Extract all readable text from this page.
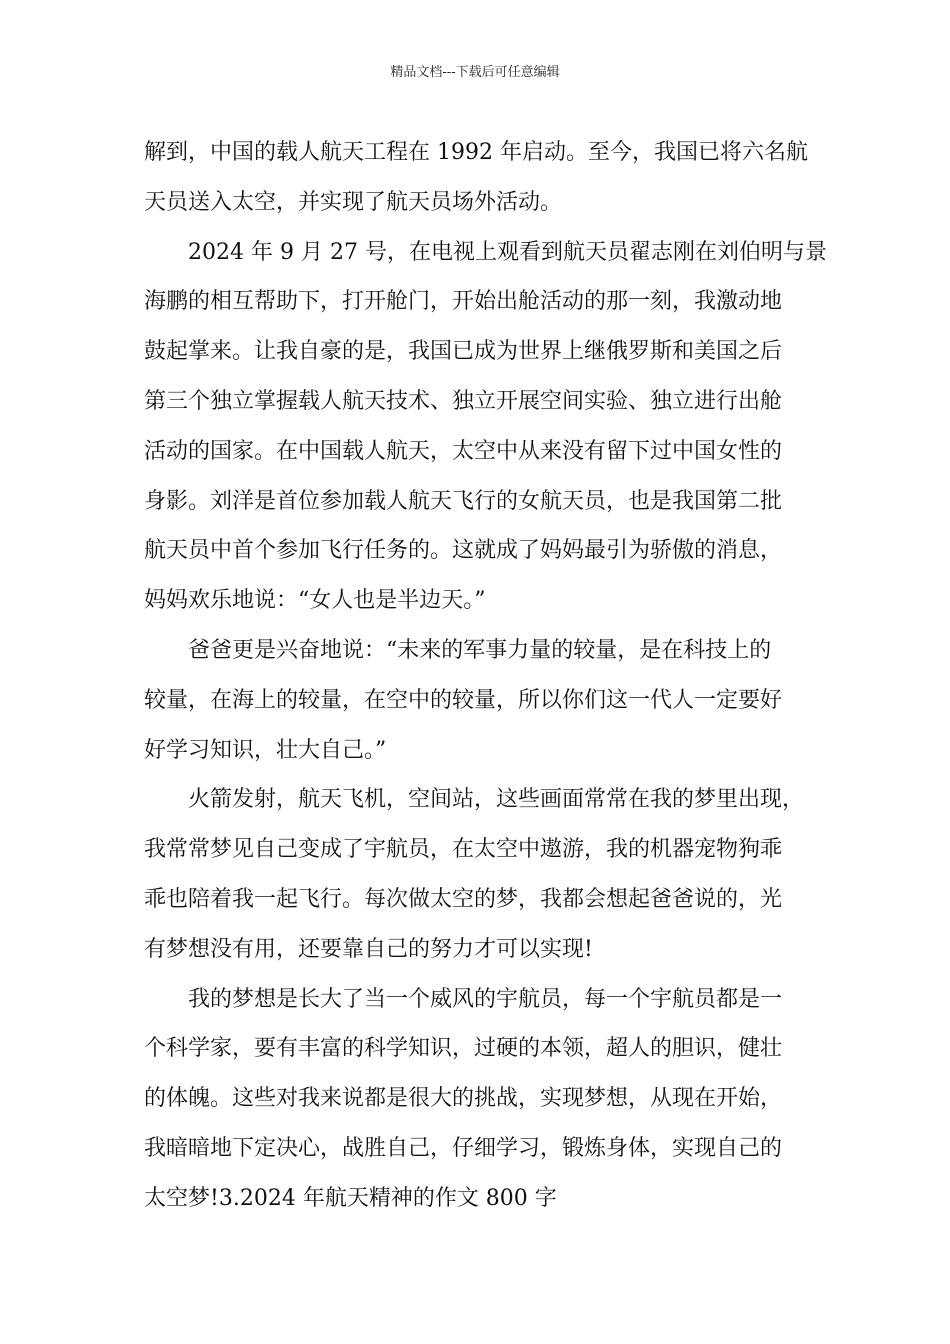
精品文档---下载后可任意编辑
解到，中国的载人航天工程在 1992 年启动。至今，我国已将六名航
天员送入太空，并实现了航天员场外活动。
2024 年 9 月 27 号，在电视上观看到航天员翟志刚在刘伯明与景
海鹏的相互帮助下，打开舱门，开始出舱活动的那一刻，我激动地
鼓起掌来。让我自豪的是，我国已成为世界上继俄罗斯和美国之后
第三个独立掌握载人航天技术、独立开展空间实验、独立进行出舱
活动的国家。在中国载人航天，太空中从来没有留下过中国女性的
身影。刘洋是首位参加载人航天飞行的女航天员，也是我国第二批
航天员中首个参加飞行任务的。这就成了妈妈最引为骄傲的消息，
妈妈欢乐地说：“女人也是半边天。”
爸爸更是兴奋地说：“未来的军事力量的较量，是在科技上的
较量，在海上的较量，在空中的较量，所以你们这一代人一定要好
好学习知识，壮大自己。”
火箭发射，航天飞机，空间站，这些画面常常在我的梦里出现，
我常常梦见自己变成了宇航员，在太空中遨游，我的机器宠物狗乖
乖也陪着我一起飞行。每次做太空的梦，我都会想起爸爸说的，光
有梦想没有用，还要靠自己的努力才可以实现!
我的梦想是长大了当一个威风的宇航员，每一个宇航员都是一
个科学家，要有丰富的科学知识，过硬的本领，超人的胆识，健壮
的体魄。这些对我来说都是很大的挑战，实现梦想，从现在开始，
我暗暗地下定决心，战胜自己，仔细学习，锻炼身体，实现自己的
太空梦!3.2024 年航天精神的作文 800 字
